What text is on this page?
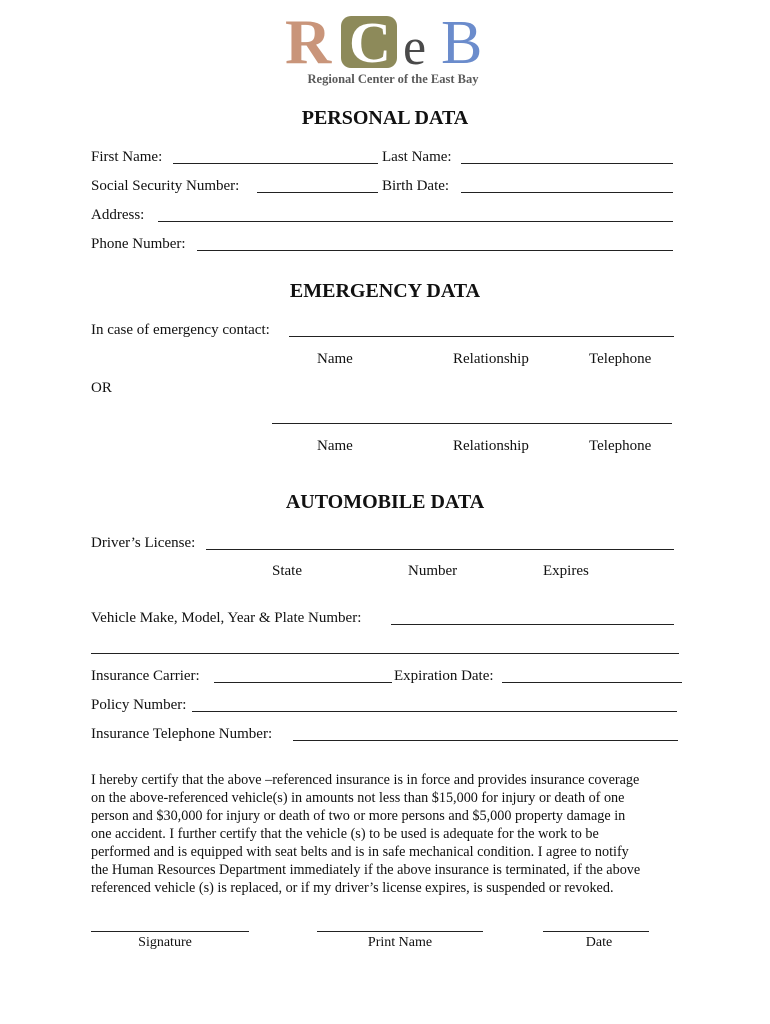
R C e B
Regional Center of the East Bay
PERSONAL DATA
First Name:	Last Name:
Social Security Number:	Birth Date:
Address:
Phone Number:
EMERGENCY DATA
In case of emergency contact:
Name	Relationship	Telephone
OR
Name	Relationship	Telephone
AUTOMOBILE DATA
Driver’s License:
State	Number	Expires
Vehicle Make, Model, Year & Plate Number:
Insurance Carrier:	Expiration Date:
Policy Number:
Insurance Telephone Number:
I hereby certify that the above –referenced insurance is in force and provides insurance coverage
on the above-referenced vehicle(s) in amounts not less than $15,000 for injury or death of one
person and $30,000 for injury or death of two or more persons and $5,000 property damage in
one accident. I further certify that the vehicle (s) to be used is adequate for the work to be
performed and is equipped with seat belts and is in safe mechanical condition. I agree to notify
the Human Resources Department immediately if the above insurance is terminated, if the above
referenced vehicle (s) is replaced, or if my driver’s license expires, is suspended or revoked.
Signature	Print Name	Date
